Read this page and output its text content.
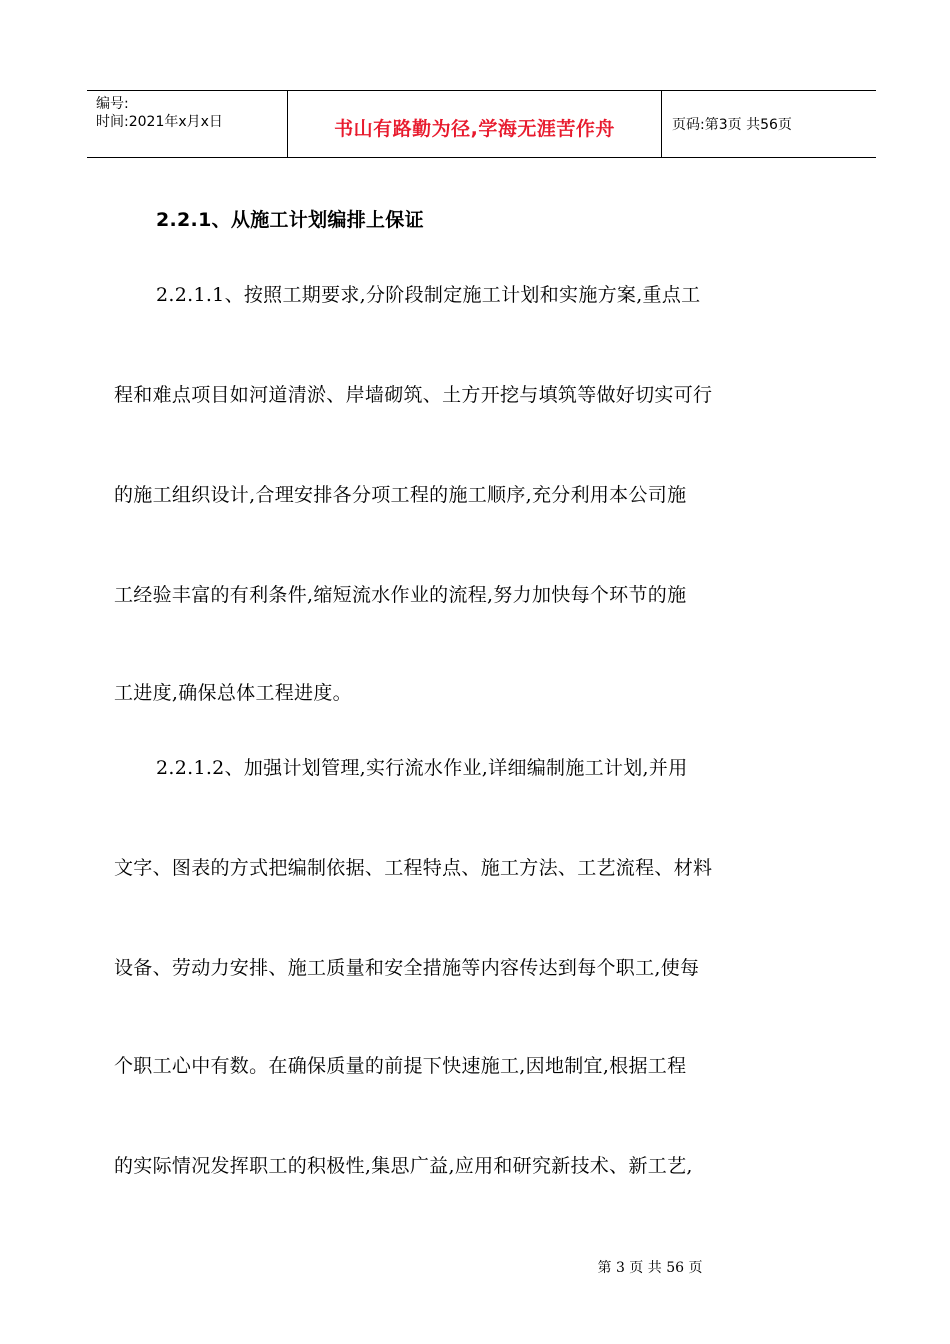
编号:
时间:2021年x月x日	书山有路勤为径,学海无涯苦作舟	页码:第3页 共56页
2.2.1、从施工计划编排上保证
2.2.1.1、按照工期要求,分阶段制定施工计划和实施方案,重点工
程和难点项目如河道清淤、岸墙砌筑、土方开挖与填筑等做好切实可行
的施工组织设计,合理安排各分项工程的施工顺序,充分利用本公司施
工经验丰富的有利条件,缩短流水作业的流程,努力加快每个环节的施
工进度,确保总体工程进度。
2.2.1.2、加强计划管理,实行流水作业,详细编制施工计划,并用
文字、图表的方式把编制依据、工程特点、施工方法、工艺流程、材料
设备、劳动力安排、施工质量和安全措施等内容传达到每个职工,使每
个职工心中有数。在确保质量的前提下快速施工,因地制宜,根据工程
的实际情况发挥职工的积极性,集思广益,应用和研究新技术、新工艺,
第 3 页 共 56 页
